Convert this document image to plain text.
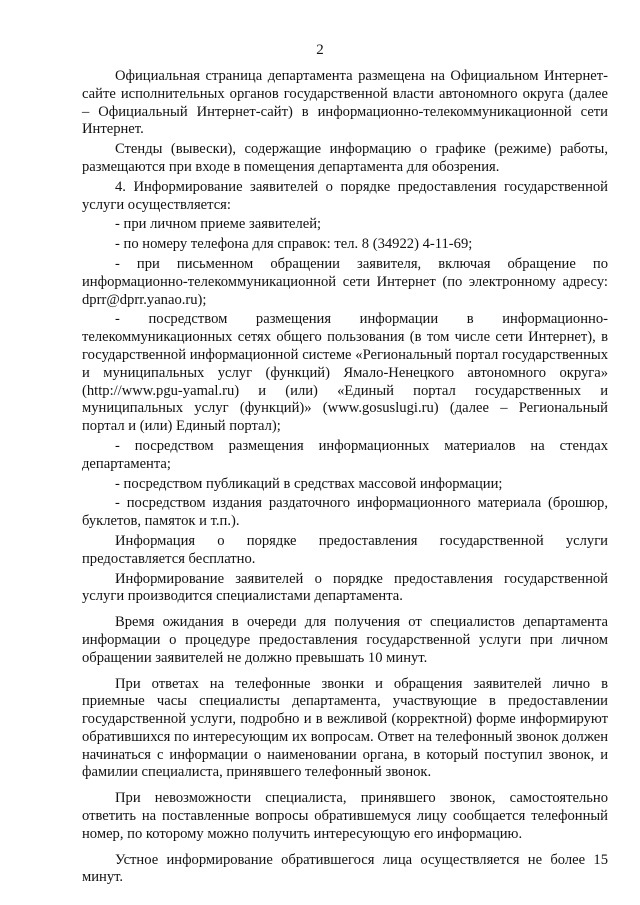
2

Официальная страница департамента размещена на Официальном Интернет-сайте исполнительных органов государственной власти автономного округа (далее – Официальный Интернет-сайт) в информационно-телекоммуникационной сети Интернет.

Стенды (вывески), содержащие информацию о графике (режиме) работы, размещаются при входе в помещения департамента для обозрения.

4. Информирование заявителей о порядке предоставления государственной услуги осуществляется:

- при личном приеме заявителей;

- по номеру телефона для справок: тел. 8 (34922) 4-11-69;

- при письменном обращении заявителя, включая обращение по информационно-телекоммуникационной сети Интернет (по электронному адресу: dprr@dprr.yanao.ru);

- посредством размещения информации в информационно-телекоммуникационных сетях общего пользования (в том числе сети Интернет), в государственной информационной системе «Региональный портал государственных и муниципальных услуг (функций) Ямало-Ненецкого автономного округа» (http://www.pgu-yamal.ru) и (или) «Единый портал государственных и муниципальных услуг (функций)» (www.gosuslugi.ru) (далее – Региональный портал и (или) Единый портал);

- посредством размещения информационных материалов на стендах департамента;

- посредством публикаций в средствах массовой информации;

- посредством издания раздаточного информационного материала (брошюр, буклетов, памяток и т.п.).

Информация о порядке предоставления государственной услуги предоставляется бесплатно.

Информирование заявителей о порядке предоставления государственной услуги производится специалистами департамента.

Время ожидания в очереди для получения от специалистов департамента информации о процедуре предоставления государственной услуги при личном обращении заявителей не должно превышать 10 минут.

При ответах на телефонные звонки и обращения заявителей лично в приемные часы специалисты департамента, участвующие в предоставлении государственной услуги, подробно и в вежливой (корректной) форме информируют обратившихся по интересующим их вопросам. Ответ на телефонный звонок должен начинаться с информации о наименовании органа, в который поступил звонок, и фамилии специалиста, принявшего телефонный звонок.

При невозможности специалиста, принявшего звонок, самостоятельно ответить на поставленные вопросы обратившемуся лицу сообщается телефонный номер, по которому можно получить интересующую его информацию.

Устное информирование обратившегося лица осуществляется не более 15 минут.
